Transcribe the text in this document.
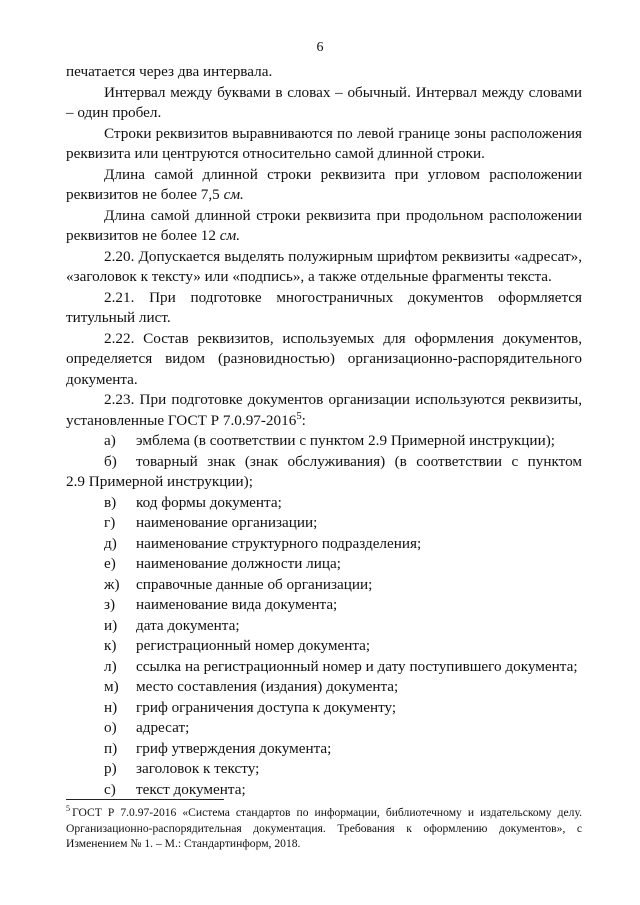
6

печатается через два интервала.

Интервал между буквами в словах – обычный. Интервал между словами – один пробел.

Строки реквизитов выравниваются по левой границе зоны расположения реквизита или центруются относительно самой длинной строки.

Длина самой длинной строки реквизита при угловом расположении реквизитов не более 7,5 см.

Длина самой длинной строки реквизита при продольном расположении реквизитов не более 12 см.

2.20. Допускается выделять полужирным шрифтом реквизиты «адресат», «заголовок к тексту» или «подпись», а также отдельные фрагменты текста.

2.21. При подготовке многостраничных документов оформляется титульный лист.

2.22. Состав реквизитов, используемых для оформления документов, определяется видом (разновидностью) организационно-распорядительного документа.

2.23. При подготовке документов организации используются реквизиты, установленные ГОСТ Р 7.0.97-2016$^5$:

а)	эмблема (в соответствии с пунктом 2.9 Примерной инструкции);
б)	товарный знак (знак обслуживания) (в соответствии с пунктом
2.9 Примерной инструкции);
в)	код формы документа;
г)	наименование организации;
д)	наименование структурного подразделения;
е)	наименование должности лица;
ж)	справочные данные об организации;
з)	наименование вида документа;
и)	дата документа;
к)	регистрационный номер документа;
л)	ссылка на регистрационный номер и дату поступившего документа;
м)	место составления (издания) документа;
н)	гриф ограничения доступа к документу;
о)	адресат;
п)	гриф утверждения документа;
р)	заголовок к тексту;
с)	текст документа;
$^5$ ГОСТ Р 7.0.97-2016 «Система стандартов по информации, библиотечному и издательскому делу. Организационно-распорядительная документация. Требования к оформлению документов», с Изменением № 1. – М.: Стандартинформ, 2018.
